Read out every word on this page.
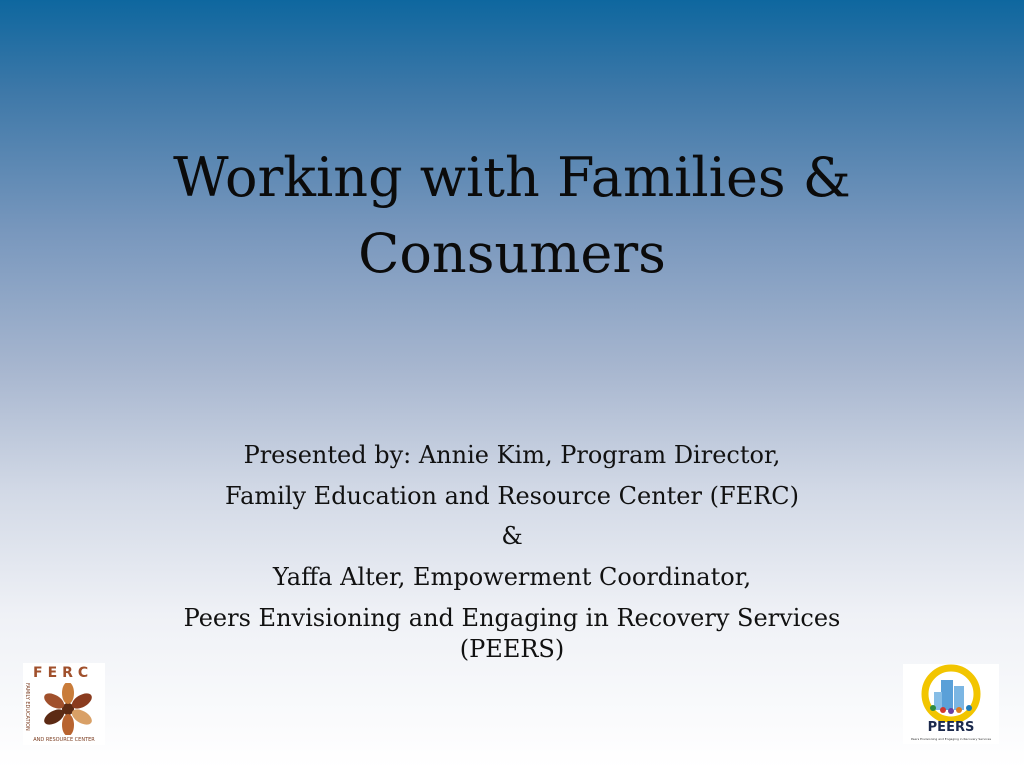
Working with Families &
Consumers
Presented by: Annie Kim, Program Director,
Family Education and Resource Center (FERC)
&
Yaffa Alter, Empowerment Coordinator,
Peers Envisioning and Engaging in Recovery Services
(PEERS)
FERC
FAMILY EDUCATION
AND RESOURCE CENTER
PEERS
Peers Envisioning and Engaging in Recovery Services
